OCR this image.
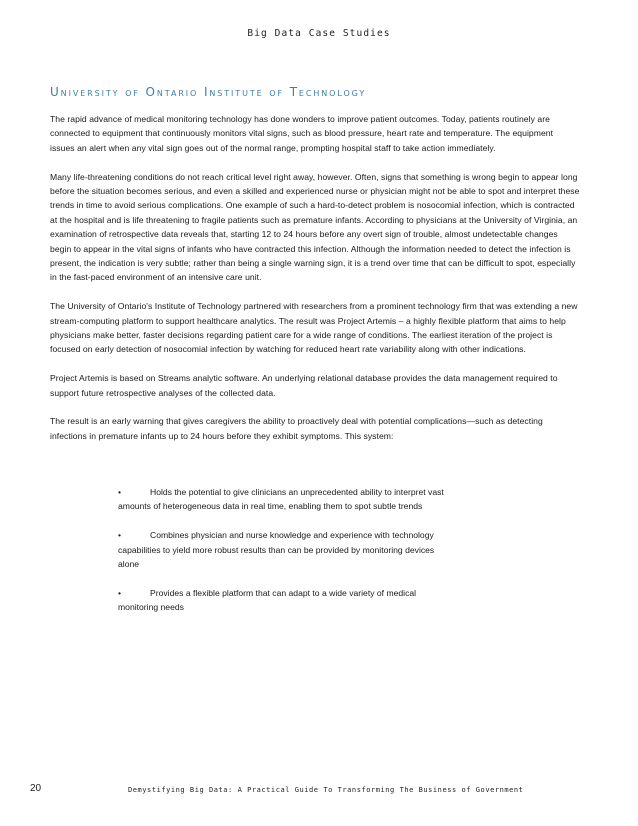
Big Data Case Studies
University of Ontario Institute of Technology

The rapid advance of medical monitoring technology has done wonders to improve patient outcomes. Today, patients routinely are connected to equipment that continuously monitors vital signs, such as blood pressure, heart rate and temperature. The equipment issues an alert when any vital sign goes out of the normal range, prompting hospital staff to take action immediately.

Many life-threatening conditions do not reach critical level right away, however. Often, signs that something is wrong begin to appear long before the situation becomes serious, and even a skilled and experienced nurse or physician might not be able to spot and interpret these trends in time to avoid serious complications. One example of such a hard-to-detect problem is nosocomial infection, which is contracted at the hospital and is life threatening to fragile patients such as premature infants. According to physicians at the University of Virginia, an examination of retrospective data reveals that, starting 12 to 24 hours before any overt sign of trouble, almost undetectable changes begin to appear in the vital signs of infants who have contracted this infection. Although the information needed to detect the infection is present, the indication is very subtle; rather than being a single warning sign, it is a trend over time that can be difficult to spot, especially in the fast-paced environment of an intensive care unit.

The University of Ontario's Institute of Technology partnered with researchers from a prominent technology firm that was extending a new stream-computing platform to support healthcare analytics. The result was Project Artemis – a highly flexible platform that aims to help physicians make better, faster decisions regarding patient care for a wide range of conditions. The earliest iteration of the project is focused on early detection of nosocomial infection by watching for reduced heart rate variability along with other indications.

Project Artemis is based on Streams analytic software. An underlying relational database provides the data management required to support future retrospective analyses of the collected data.

The result is an early warning that gives caregivers the ability to proactively deal with potential complications—such as detecting infections in premature infants up to 24 hours before they exhibit symptoms. This system:

•	Holds the potential to give clinicians an unprecedented ability to interpret vast amounts of heterogeneous data in real time, enabling them to spot subtle trends
•	Combines physician and nurse knowledge and experience with technology capabilities to yield more robust results than can be provided by monitoring devices alone
•	Provides a flexible platform that can adapt to a wide variety of medical monitoring needs
20	Demystifying Big Data: A Practical Guide To Transforming The Business of Government
